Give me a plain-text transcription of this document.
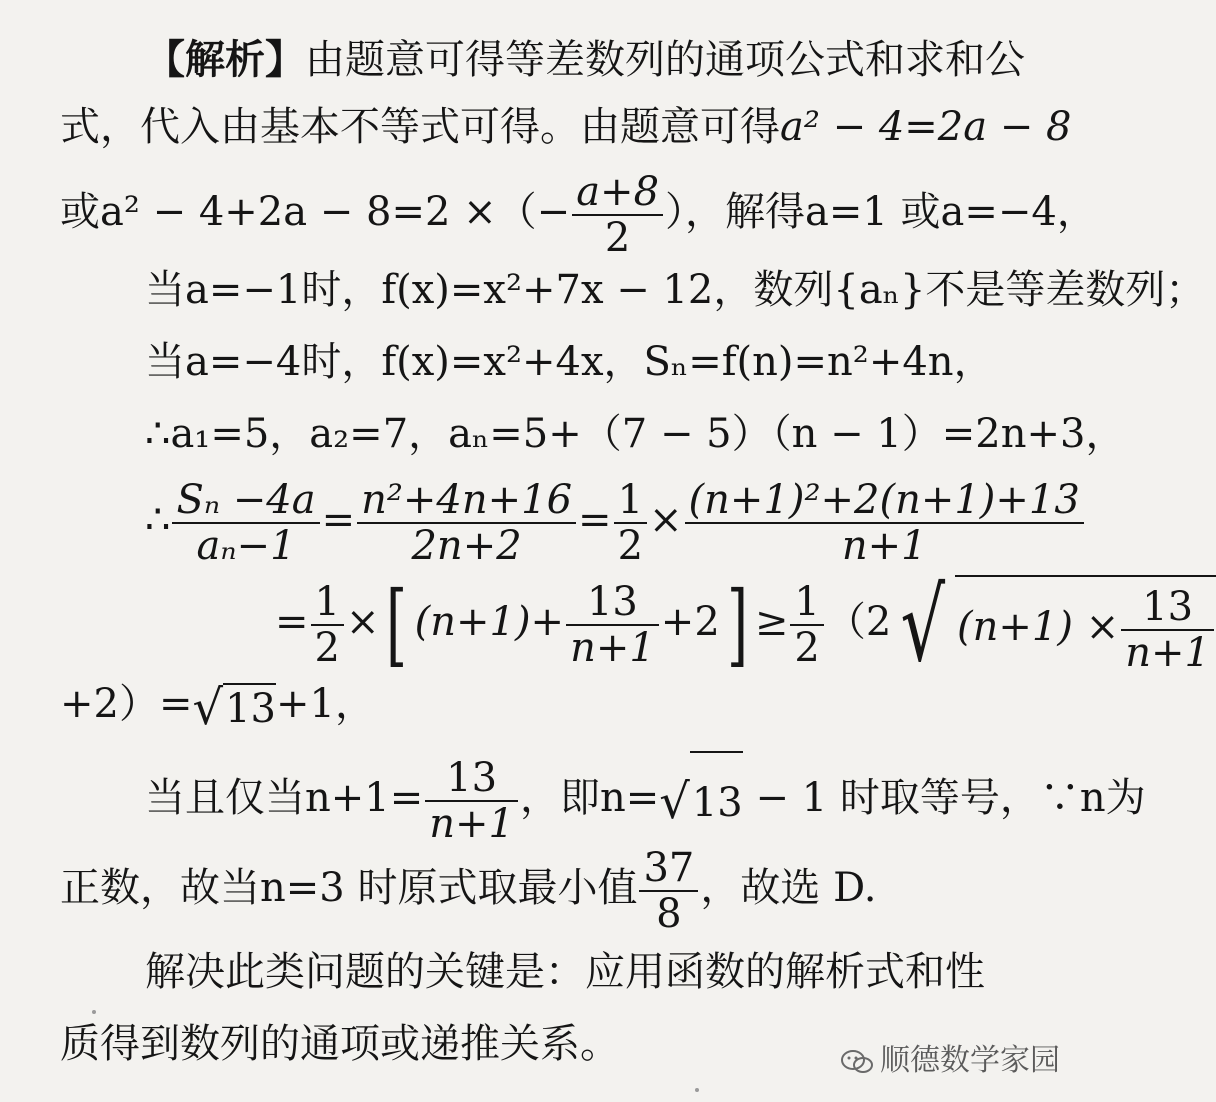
【解析】由题意可得等差数列的通项公式和求和公
式，代入由基本不等式可得。由题意可得a² − 4=2a − 8
或a² − 4+2a − 8=2 ×（− $\frac{a+8}{2}$ ），解得a=1 或a=−4，
当a=−1时，f(x)=x²+7x − 12，数列{aₙ}不是等差数列；
当a=−4时，f(x)=x²+4x，Sₙ=f(n)=n²+4n，
∴a₁=5，a₂=7，aₙ=5+（7 − 5）（n − 1）=2n+3，
∴ $\frac{\text{Sₙ −4a}}{\text{aₙ−1}} = \frac{\text{n²+4n+16}}{2n+2} = \frac{1}{2} \times \frac{\text{(n+1)²+2(n+1)+13}}{n+1}$
= $\frac{1}{2}$ ×[ $(n+1)+ \frac{13}{n+1} +2] \ge \frac{1}{2} (2√$ $(n+1) \times \frac{13}{n+1}$
+2）=√13+1，
当且仅当$n+1= \frac{13}{n+1}$ ，即n=√13 − 1 时取等号，∵n为
正数，故当n=3 时原式取最小值 $\frac{37}{8}$ ，故选 D.
解决此类问题的关键是：应用函数的解析式和性
质得到数列的通项或递推关系。	顺德数学家园
